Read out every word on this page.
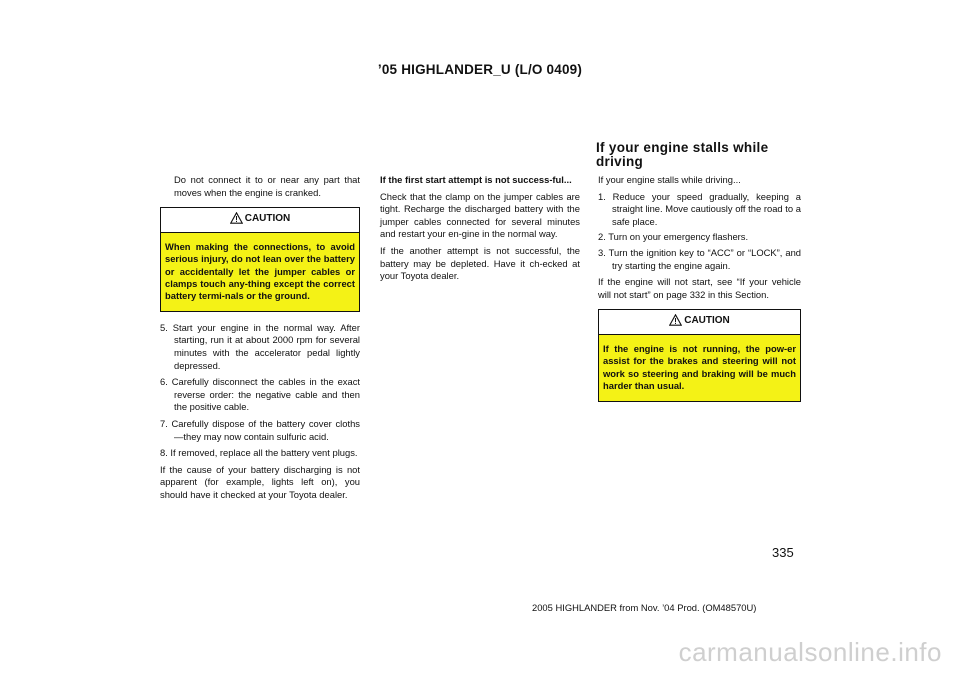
’05 HIGHLANDER_U (L/O 0409)

Do not connect it to or near any part that moves when the engine is cranked.

CAUTION
When making the connections, to avoid serious injury, do not lean over the battery or accidentally let the jumper cables or clamps touch any-thing except the correct battery termi-nals or the ground.
5. Start your engine in the normal way. After starting, run it at about 2000 rpm for several minutes with the accelerator pedal lightly depressed.
6. Carefully disconnect the cables in the exact reverse order: the negative cable and then the positive cable.
7. Carefully dispose of the battery cover cloths—they may now contain sulfuric acid.
8. If removed, replace all the battery vent plugs.

If the cause of your battery discharging is not apparent (for example, lights left on), you should have it checked at your Toyota dealer.

If the first start attempt is not success-ful...

Check that the clamp on the jumper cables are tight. Recharge the discharged battery with the jumper cables connected for several minutes and restart your en-gine in the normal way.

If the another attempt is not successful, the battery may be depleted. Have it ch-ecked at your Toyota dealer.

If your engine stalls while driving

If your engine stalls while driving...

1. Reduce your speed gradually, keeping a straight line. Move cautiously off the road to a safe place.
2. Turn on your emergency flashers.
3. Turn the ignition key to “ACC” or “LOCK”, and try starting the engine again.

If the engine will not start, see “If your vehicle will not start” on page 332 in this Section.

CAUTION
If the engine is not running, the pow-er assist for the brakes and steering will not work so steering and braking will be much harder than usual.
335
2005 HIGHLANDER from Nov. ’04 Prod. (OM48570U)
carmanualsonline.info
